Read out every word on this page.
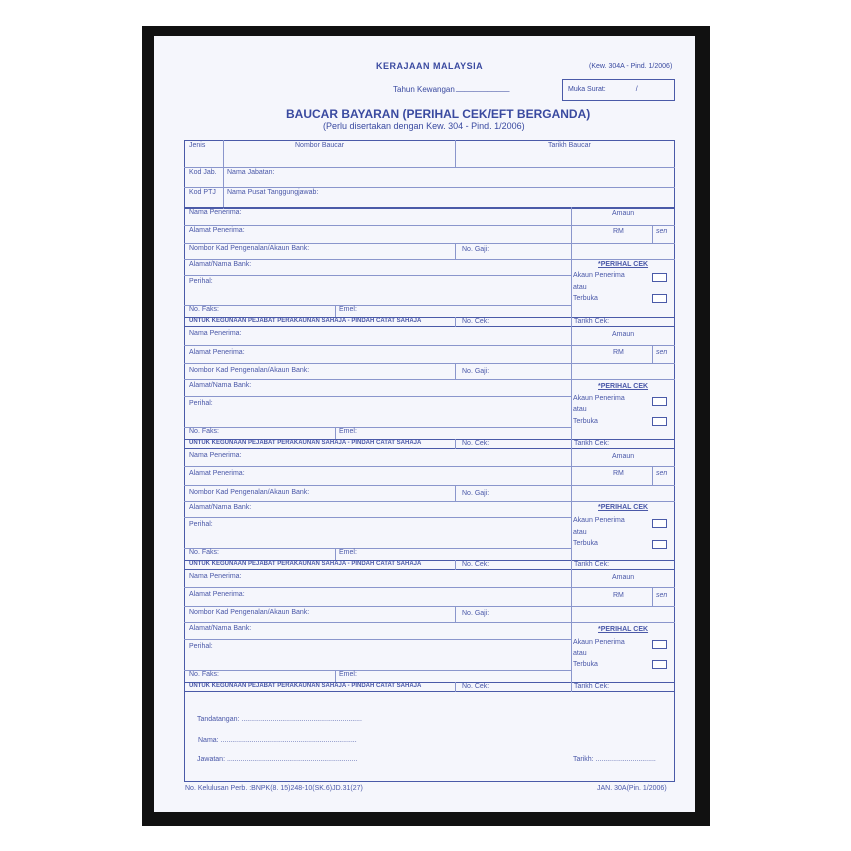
KERAJAAN MALAYSIA	(Kew. 304A - Pind. 1/2006)
Tahun Kewangan ____________	Muka Surat:	/
BAUCAR BAYARAN (PERIHAL CEK/EFT BERGANDA)
(Perlu disertakan dengan Kew. 304 - Pind. 1/2006)
Jenis	Nombor Baucar	Tarikh Baucar
Kod Jab. Nama Jabatan:
Kod PTJ Nama Pusat Tanggungjawab:
Nama Penerima:	Amaun
Alamat Penerima:	RM	sen
Nombor Kad Pengenalan/Akaun Bank:	No. Gaji:
Alamat/Nama Bank:	*PERIHAL CEK
Perihal:
Akaun Penerima
atau
Terbuka
No. Faks:	Emel:
UNTUK KEGUNAAN PEJABAT PERAKAUNAN SAHAJA - PINDAH CATAT SAHAJA	No. Cek:	Tarikh Cek:
Nama Penerima:	Amaun
Alamat Penerima:	RM	sen
Nombor Kad Pengenalan/Akaun Bank:	No. Gaji:
Alamat/Nama Bank:	*PERIHAL CEK
Perihal:
Akaun Penerima
atau
Terbuka
No. Faks:	Emel:
UNTUK KEGUNAAN PEJABAT PERAKAUNAN SAHAJA - PINDAH CATAT SAHAJA	No. Cek:	Tarikh Cek:
Nama Penerima:	Amaun
Alamat Penerima:	RM	sen
Nombor Kad Pengenalan/Akaun Bank:	No. Gaji:
Alamat/Nama Bank:	*PERIHAL CEK
Perihal:
Akaun Penerima
atau
Terbuka
No. Faks:	Emel:
UNTUK KEGUNAAN PEJABAT PERAKAUNAN SAHAJA - PINDAH CATAT SAHAJA	No. Cek:	Tarikh Cek:
Nama Penerima:	Amaun
Alamat Penerima:	RM	sen
Nombor Kad Pengenalan/Akaun Bank:	No. Gaji:
Alamat/Nama Bank:	*PERIHAL CEK
Perihal:
Akaun Penerima
atau
Terbuka
No. Faks:	Emel:
UNTUK KEGUNAAN PEJABAT PERAKAUNAN SAHAJA - PINDAH CATAT SAHAJA	No. Cek:	Tarikh Cek:
Tandatangan: ..............................................................
Nama: ......................................................................
Jawatan: ...................................................................	Tarikh: ...............................
No. Kelulusan Perb. :BNPK(8. 15)248-10(SK.6)JD.31(27)	JAN. 30A(Pin. 1/2006)
